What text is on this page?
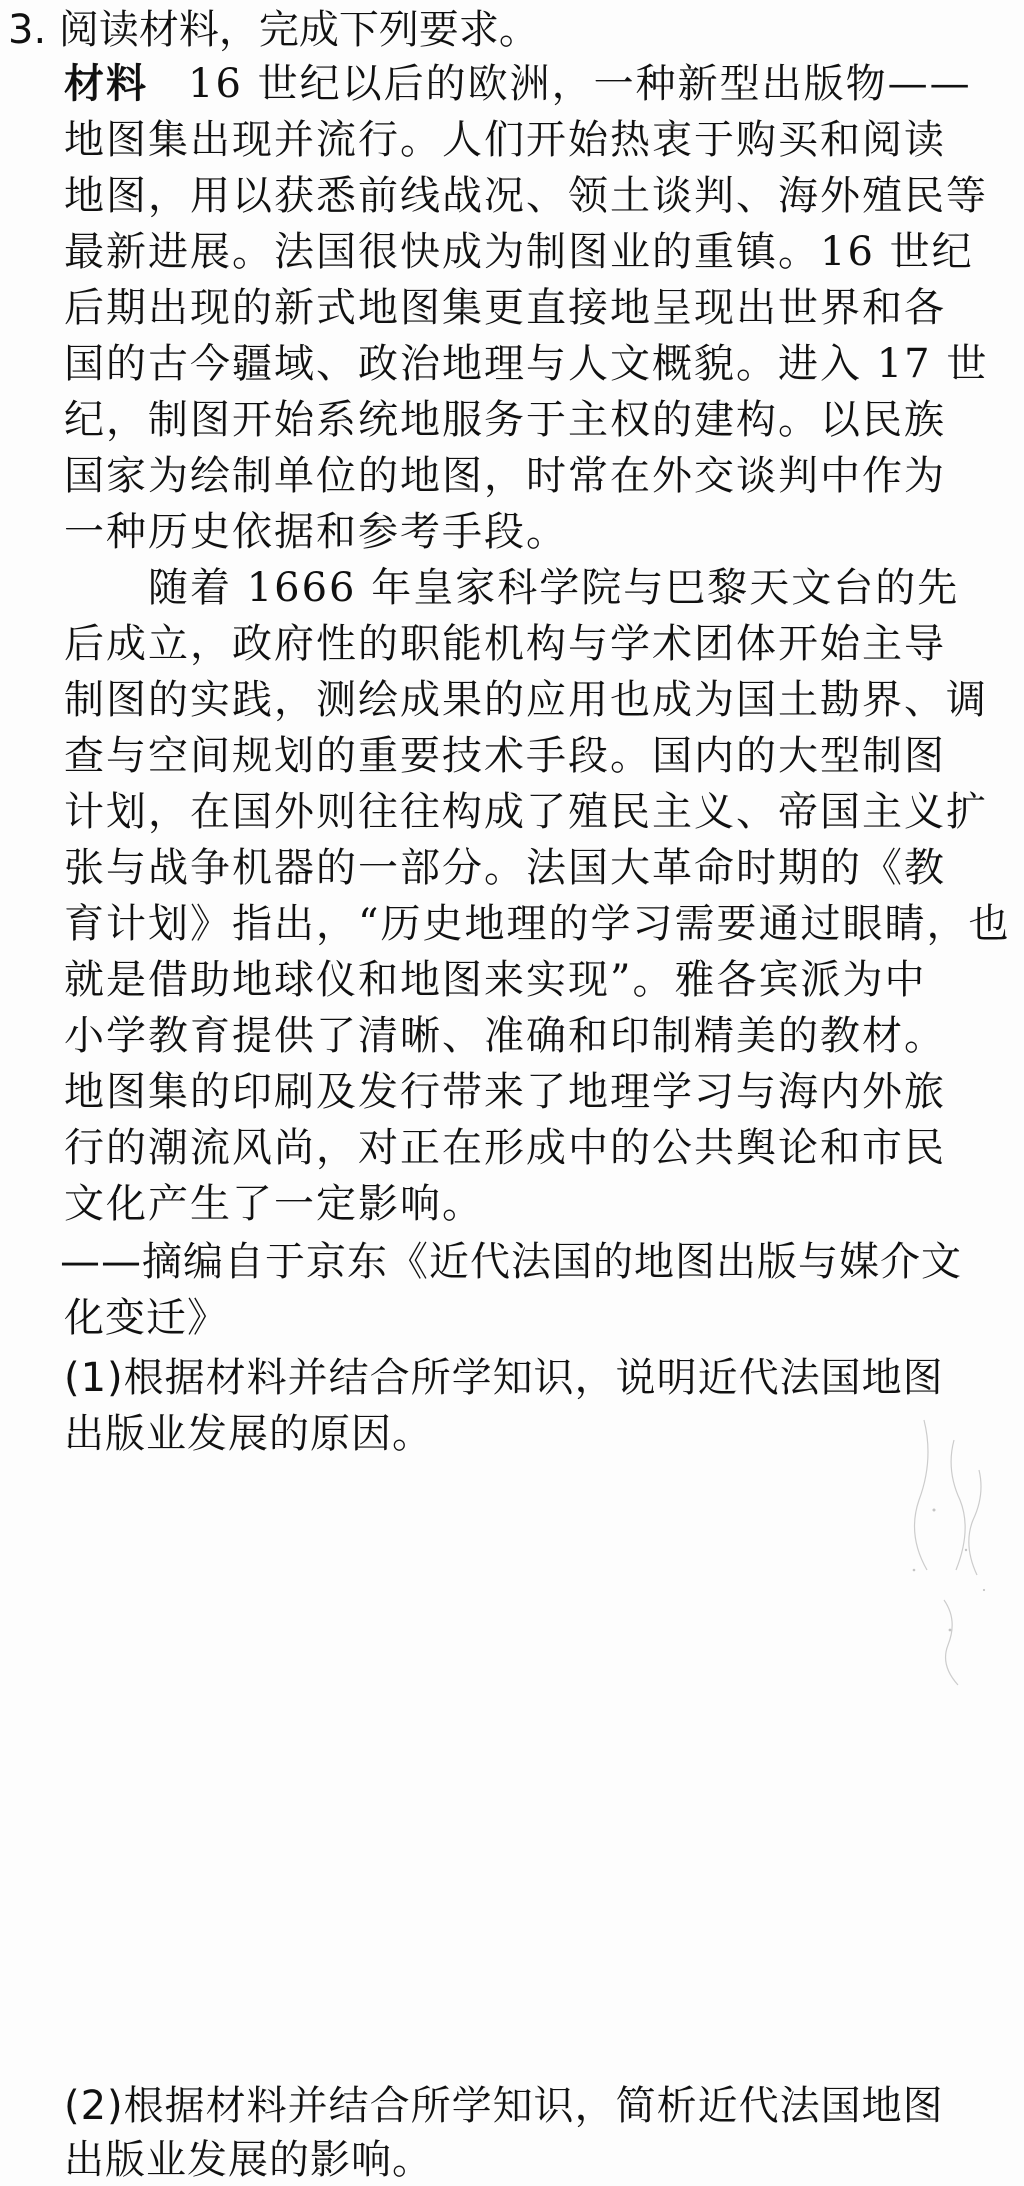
3. 阅读材料，完成下列要求。
材料 16 世纪以后的欧洲，一种新型出版物——
地图集出现并流行。人们开始热衷于购买和阅读
地图，用以获悉前线战况、领土谈判、海外殖民等
最新进展。法国很快成为制图业的重镇。16 世纪
后期出现的新式地图集更直接地呈现出世界和各
国的古今疆域、政治地理与人文概貌。进入 17 世
纪，制图开始系统地服务于主权的建构。以民族
国家为绘制单位的地图，时常在外交谈判中作为
一种历史依据和参考手段。
随着 1666 年皇家科学院与巴黎天文台的先
后成立，政府性的职能机构与学术团体开始主导
制图的实践，测绘成果的应用也成为国土勘界、调
查与空间规划的重要技术手段。国内的大型制图
计划，在国外则往往构成了殖民主义、帝国主义扩
张与战争机器的一部分。法国大革命时期的《教
育计划》指出，“历史地理的学习需要通过眼睛，也
就是借助地球仪和地图来实现”。雅各宾派为中
小学教育提供了清晰、准确和印制精美的教材。
地图集的印刷及发行带来了地理学习与海内外旅
行的潮流风尚，对正在形成中的公共舆论和市民
文化产生了一定影响。
——摘编自于京东《近代法国的地图出版与媒介文
化变迁》
(1)根据材料并结合所学知识，说明近代法国地图
出版业发展的原因。
(2)根据材料并结合所学知识，简析近代法国地图
出版业发展的影响。
